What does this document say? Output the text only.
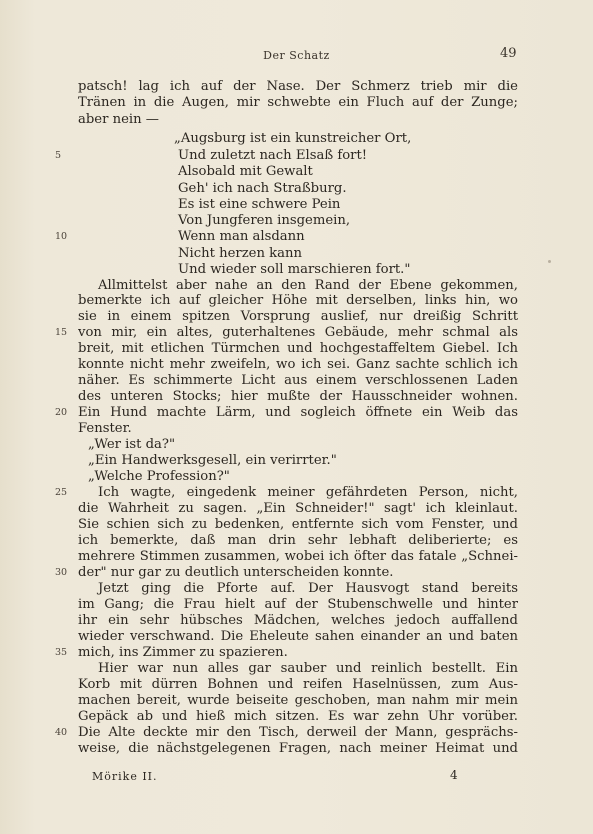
Der Schatz	49
patsch! lag ich auf der Nase. Der Schmerz trieb mir die
Tränen in die Augen, mir schwebte ein Fluch auf der Zunge;
aber nein —
„Augsburg ist ein kunstreicher Ort,
Und zuletzt nach Elsaß fort!
Alsobald mit Gewalt
Geh' ich nach Straßburg.
Es ist eine schwere Pein
Von Jungferen insgemein,
Wenn man alsdann
Nicht herzen kann
Und wieder soll marschieren fort."
Allmittelst aber nahe an den Rand der Ebene gekommen,
bemerkte ich auf gleicher Höhe mit derselben, links hin, wo
sie in einem spitzen Vorsprung auslief, nur dreißig Schritt
von mir, ein altes, guterhaltenes Gebäude, mehr schmal als
breit, mit etlichen Türmchen und hochgestaffeltem Giebel. Ich
konnte nicht mehr zweifeln, wo ich sei. Ganz sachte schlich ich
näher. Es schimmerte Licht aus einem verschlossenen Laden
des unteren Stocks; hier mußte der Hausschneider wohnen.
Ein Hund machte Lärm, und sogleich öffnete ein Weib das
Fenster.
„Wer ist da?"
„Ein Handwerksgesell, ein verirrter."
„Welche Profession?"
Ich wagte, eingedenk meiner gefährdeten Person, nicht,
die Wahrheit zu sagen. „Ein Schneider!" sagt' ich kleinlaut.
Sie schien sich zu bedenken, entfernte sich vom Fenster, und
ich bemerkte, daß man drin sehr lebhaft deliberierte; es
mehrere Stimmen zusammen, wobei ich öfter das fatale „Schnei-
der" nur gar zu deutlich unterscheiden konnte.
Jetzt ging die Pforte auf. Der Hausvogt stand bereits
im Gang; die Frau hielt auf der Stubenschwelle und hinter
ihr ein sehr hübsches Mädchen, welches jedoch auffallend
wieder verschwand. Die Eheleute sahen einander an und baten
mich, ins Zimmer zu spazieren.
Hier war nun alles gar sauber und reinlich bestellt. Ein
Korb mit dürren Bohnen und reifen Haselnüssen, zum Aus-
machen bereit, wurde beiseite geschoben, man nahm mir mein
Gepäck ab und hieß mich sitzen. Es war zehn Uhr vorüber.
Die Alte deckte mir den Tisch, derweil der Mann, gesprächs-
weise, die nächstgelegenen Fragen, nach meiner Heimat und
5
10
15
20
25
30
35
40
Mörike II.	4
